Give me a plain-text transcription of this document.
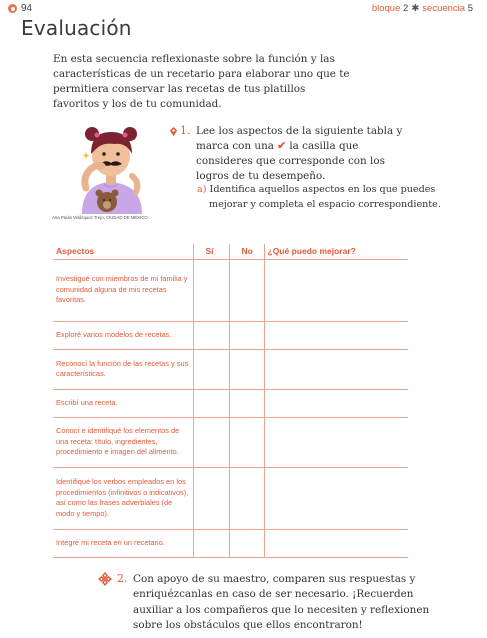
94	bloque 2 ✱ secuencia 5
Evaluación

En esta secuencia reflexionaste sobre la función y las características de un recetario para elaborar uno que te permitiera conservar las recetas de tus platillos favoritos y los de tu comunidad.

Ana Paula Velázquez Trejo, CIUDAD DE MÉXICO
1. Lee los aspectos de la siguiente tabla y marca con una ✔ la casilla que consideres que corresponde con los logros de tu desempeño.

a) Identifica aquellos aspectos en los que puedes
mejorar y completa el espacio correspondiente.

Aspectos	Sí	No	¿Qué puedo mejorar?
Investigué con miembros de mi familia y comunidad alguna de mis recetas favoritas.			
Exploré varios modelos de recetas.			
Reconocí la función de las recetas y sus características.			
Escribí una receta.			
Conocí e identifiqué los elementos de una receta: título, ingredientes, procedimiento e imagen del alimento.			
Identifiqué los verbos empleados en los procedimientos (infinitivos o indicativos), así como las frases adverbiales (de modo y tiempo).			
Integré mi receta en un recetario.			
2. Con apoyo de su maestro, comparen sus respuestas y enriquézcanlas en caso de ser necesario. ¡Recuerden auxiliar a los compañeros que lo necesiten y reflexionen sobre los obstáculos que ellos encontraron!
